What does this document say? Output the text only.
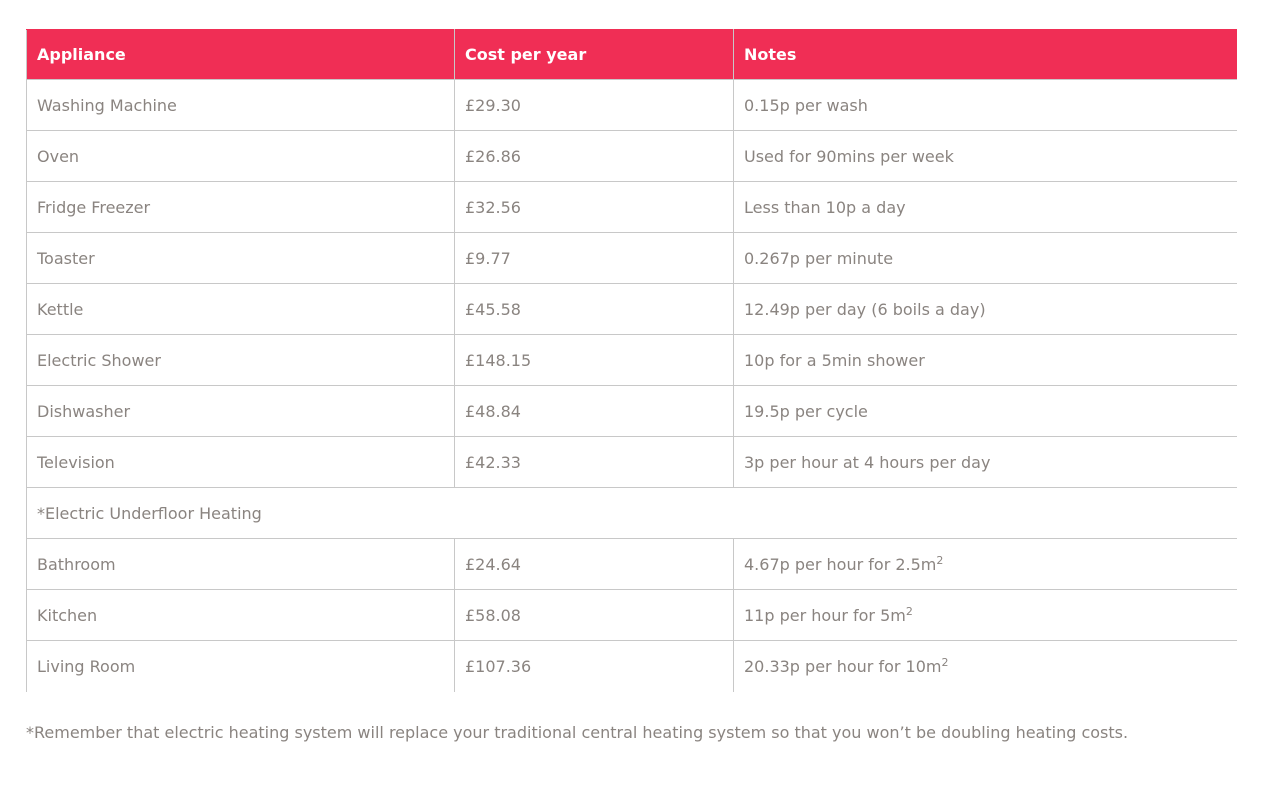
Appliance	Cost per year	Notes
Washing Machine	£29.30	0.15p per wash
Oven	£26.86	Used for 90mins per week
Fridge Freezer	£32.56	Less than 10p a day
Toaster	£9.77	0.267p per minute
Kettle	£45.58	12.49p per day (6 boils a day)
Electric Shower	£148.15	10p for a 5min shower
Dishwasher	£48.84	19.5p per cycle
Television	£42.33	3p per hour at 4 hours per day
*Electric Underfloor Heating		
Bathroom	£24.64	4.67p per hour for $2.5m^2$
Kitchen	£58.08	11p per hour for $5m^2$
Living Room	£107.36	20.33p per hour for $10m^2$

*Remember that electric heating system will replace your traditional central heating system so that you won’t be doubling heating costs.
